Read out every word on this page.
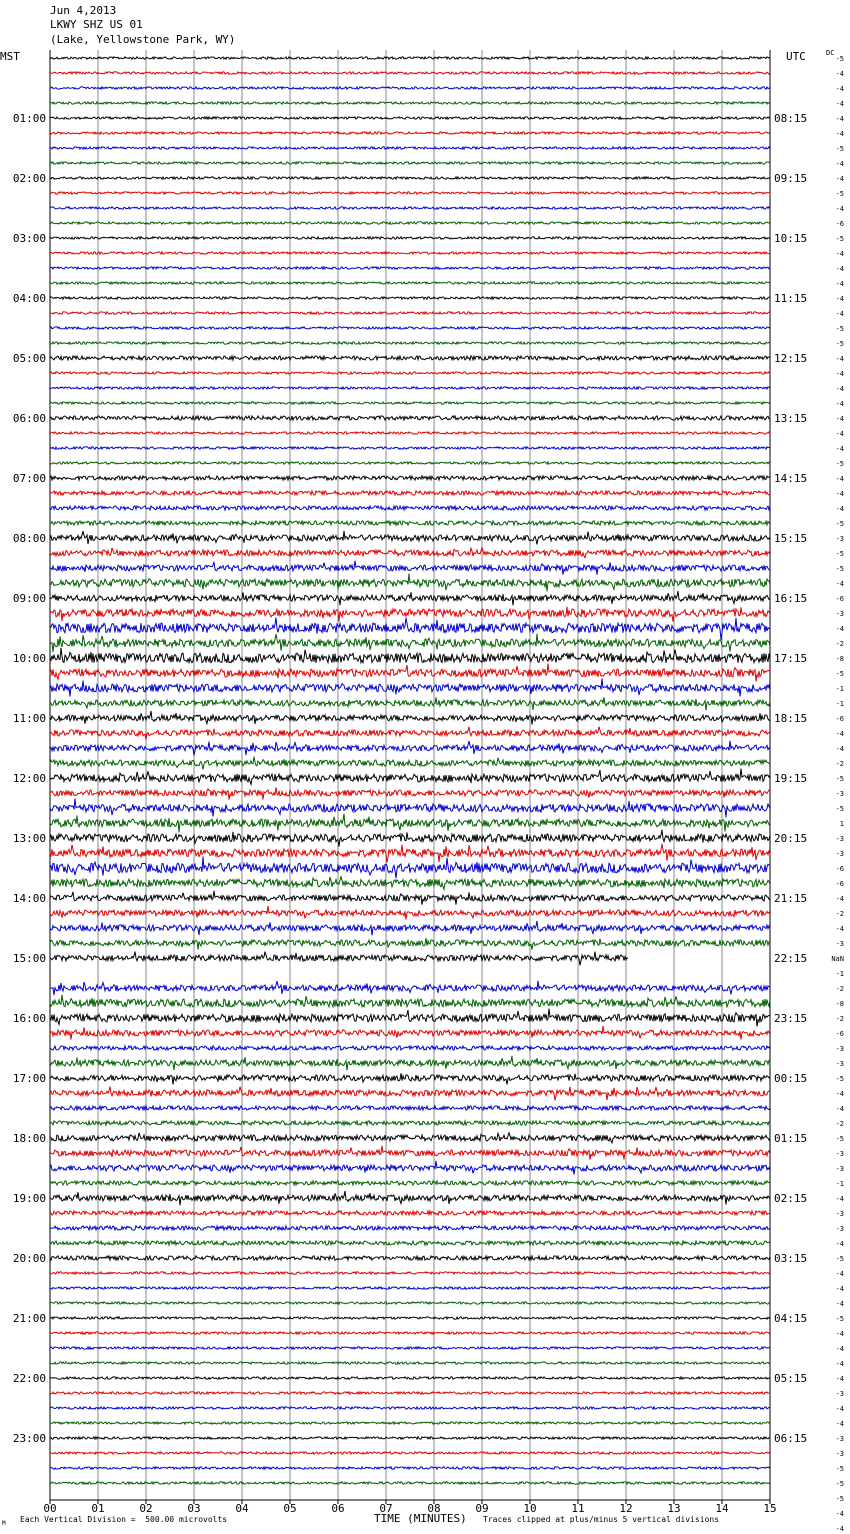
Jun 4,2013
LKWY SHZ US 01
(Lake, Yellowstone Park, WY)
MST	UTC	DC
00	01	02	03	04	05	06	07	08	09	10	11	12	13	14	15
01:00	08:15
02:00	09:15
03:00	10:15
04:00	11:15
05:00	12:15
06:00	13:15
07:00	14:15
08:00	15:15
09:00	16:15
10:00	17:15
11:00	18:15
12:00	19:15
13:00	20:15
14:00	21:15
15:00	22:15
16:00	23:15
17:00	00:15
18:00	01:15
19:00	02:15
20:00	03:15
21:00	04:15
22:00	05:15
23:00	06:15
-5
-4
-4
-4
-4
-4
-5
-4
-4
-5
-4
-6
-5
-4
-4
-4
-4
-4
-5
-5
-4
-4
-4
-4
-4
-4
-4
-5
-4
-4
-4
-5
-3
-5
-5
-4
-6
-3
-4
-2
-8
-5
-1
-1
-6
-4
-4
-2
-5
-3
-5
1
-3
-3
-6
-6
-4
-2
-4
-3
NaN
-1
-2
-8
-2
-6
-3
-3
-5
-4
-4
-2
-5
-3
-3
-1
-4
-3
-3
-4
-5
-4
-4
-4
-5
-4
-4
-4
-4
-3
-4
-4
-3
-3
-5
-5
-5
-4
-4
M Each Vertical Division =  500.00 microvolts	TIME (MINUTES) Traces clipped at plus/minus 5 vertical divisions
